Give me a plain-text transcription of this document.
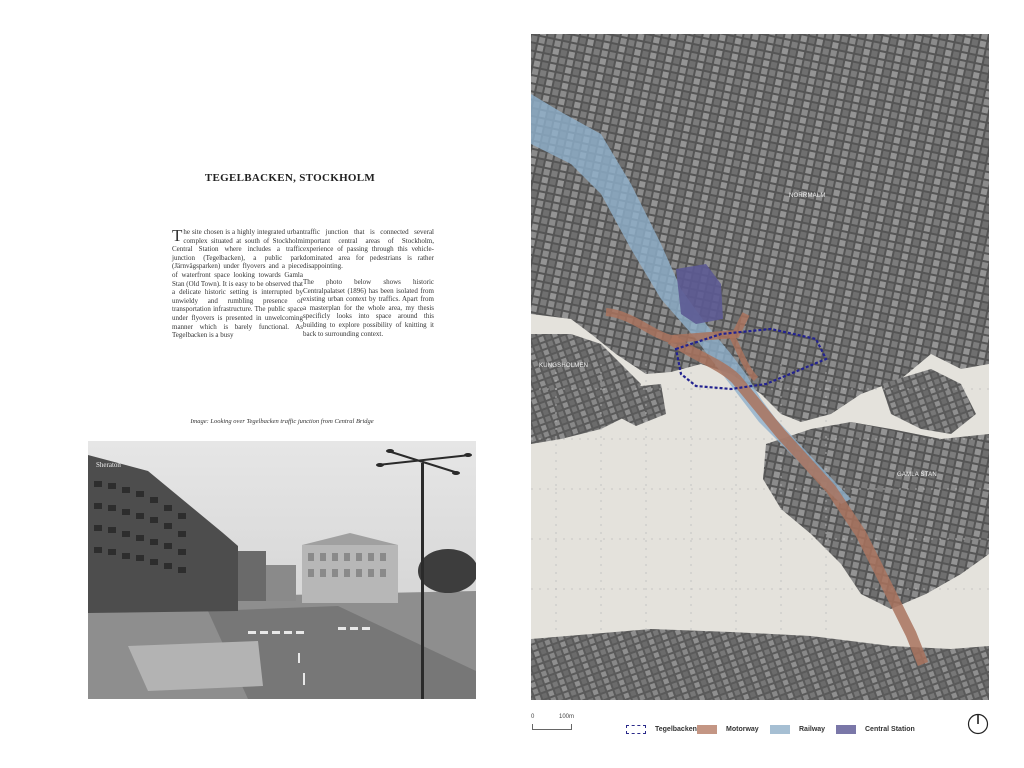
TEGELBACKEN, STOCKHOLM

The site chosen is a highly integrated urban complex situated at south of Stockholm Central Station where includes a traffic junction (Tegelbacken), a public park (Järnvägsparken) under flyovers and a piece of waterfront space looking towards Gamla Stan (Old Town). It is easy to be observed that a delicate historic setting is interrupted by unwieldy and rumbling presence of transportation infrastructure. The public space under flyovers is presented in unwelcoming manner which is barely functional. As Tegelbacken is a busy

traffic junction that is connected several important central areas of Stockholm, experience of passing through this vehicle-dominated area for pedestrians is rather disappointing.

The photo below shows historic Centralpalatset (1896) has been isolated from existing urban context by traffics. Apart from a masterplan for the whole area, my thesis specificly looks into space around this building to explore possibility of knitting it back to surrounding context.

Image: Looking over Tegelbacken traffic junction from Central Bridge
Sheraton
NORRMALM
KUNGSHOLMEN
GAMLA STAN
0	100m
Tegelbacken	Motorway	Railway	Central Station
